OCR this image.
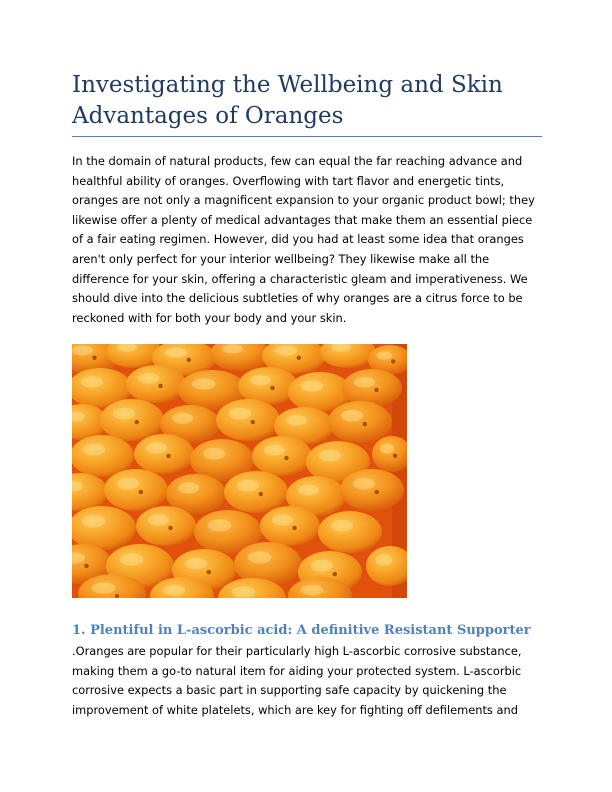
Investigating the Wellbeing and Skin Advantages of Oranges

In the domain of natural products, few can equal the far reaching advance and healthful ability of oranges. Overflowing with tart flavor and energetic tints, oranges are not only a magnificent expansion to your organic product bowl; they likewise offer a plenty of medical advantages that make them an essential piece of a fair eating regimen. However, did you had at least some idea that oranges aren't only perfect for your interior wellbeing? They likewise make all the difference for your skin, offering a characteristic gleam and imperativeness. We should dive into the delicious subtleties of why oranges are a citrus force to be reckoned with for both your body and your skin.

1. Plentiful in L-ascorbic acid: A definitive Resistant Supporter

.Oranges are popular for their particularly high L-ascorbic corrosive substance, making them a go-to natural item for aiding your protected system. L-ascorbic corrosive expects a basic part in supporting safe capacity by quickening the improvement of white platelets, which are key for fighting off defilements and
